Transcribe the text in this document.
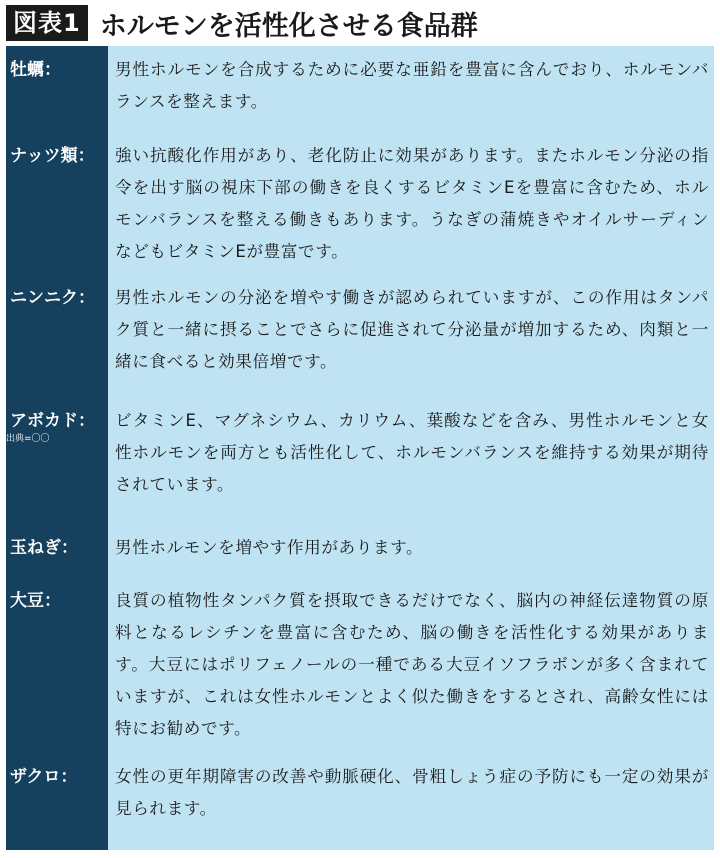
図表1 ホルモンを活性化させる食品群
牡蠣：	男性ホルモンを合成するために必要な亜鉛を豊富に含んでおり、ホルモンバランスを整えます。
ナッツ類：	強い抗酸化作用があり、老化防止に効果があります。またホルモン分泌の指令を出す脳の視床下部の働きを良くするビタミンEを豊富に含むため、ホルモンバランスを整える働きもあります。うなぎの蒲焼きやオイルサーディンなどもビタミンEが豊富です。
ニンニク：	男性ホルモンの分泌を増やす働きが認められていますが、この作用はタンパク質と一緒に摂ることでさらに促進されて分泌量が増加するため、肉類と一緒に食べると効果倍増です。
アボカド：	ビタミンE、マグネシウム、カリウム、葉酸などを含み、男性ホルモンと女性ホルモンを両方とも活性化して、ホルモンバランスを維持する効果が期待されています。
玉ねぎ：	男性ホルモンを増やす作用があります。
大豆：	良質の植物性タンパク質を摂取できるだけでなく、脳内の神経伝達物質の原料となるレシチンを豊富に含むため、脳の働きを活性化する効果があります。大豆にはポリフェノールの一種である大豆イソフラボンが多く含まれていますが、これは女性ホルモンとよく似た働きをするとされ、高齢女性には特にお勧めです。
ザクロ：	女性の更年期障害の改善や動脈硬化、骨粗しょう症の予防にも一定の効果が見られます。
出典=〇〇
